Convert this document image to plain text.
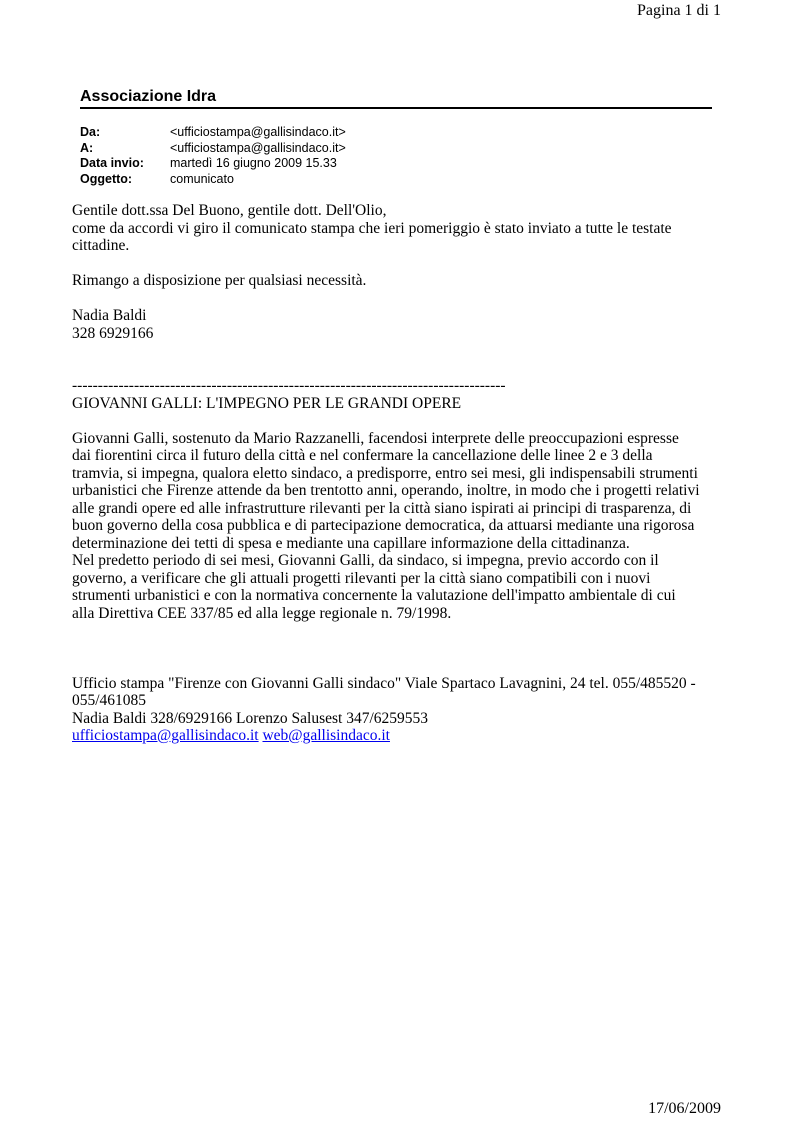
Pagina 1 di 1
Associazione Idra
Da:	<ufficiostampa@gallisindaco.it>
A:	<ufficiostampa@gallisindaco.it>
Data invio:	martedì 16 giugno 2009 15.33
Oggetto:	comunicato
Gentile dott.ssa Del Buono, gentile dott. Dell'Olio,
come da accordi vi giro il comunicato stampa che ieri pomeriggio è stato inviato a tutte le testate
cittadine.
Rimango a disposizione per qualsiasi necessità.
Nadia Baldi
328 6929166
------------------------------------------------------------------------------------
GIOVANNI GALLI: L'IMPEGNO PER LE GRANDI OPERE
Giovanni Galli, sostenuto da Mario Razzanelli, facendosi interprete delle preoccupazioni espresse
dai fiorentini circa il futuro della città e nel confermare la cancellazione delle linee 2 e 3 della
tramvia, si impegna, qualora eletto sindaco, a predisporre, entro sei mesi, gli indispensabili strumenti
urbanistici che Firenze attende da ben trentotto anni, operando, inoltre, in modo che i progetti relativi
alle grandi opere ed alle infrastrutture rilevanti per la città siano ispirati ai principi di trasparenza, di
buon governo della cosa pubblica e di partecipazione democratica, da attuarsi mediante una rigorosa
determinazione dei tetti di spesa e mediante una capillare informazione della cittadinanza.
Nel predetto periodo di sei mesi, Giovanni Galli, da sindaco, si impegna, previo accordo con il
governo, a verificare che gli attuali progetti rilevanti per la città siano compatibili con i nuovi
strumenti urbanistici e con la normativa concernente la valutazione dell'impatto ambientale di cui
alla Direttiva CEE 337/85 ed alla legge regionale n. 79/1998.
Ufficio stampa "Firenze con Giovanni Galli sindaco" Viale Spartaco Lavagnini, 24 tel. 055/485520 -
055/461085
Nadia Baldi 328/6929166 Lorenzo Salusest 347/6259553
ufficiostampa@gallisindaco.it web@gallisindaco.it
17/06/2009
